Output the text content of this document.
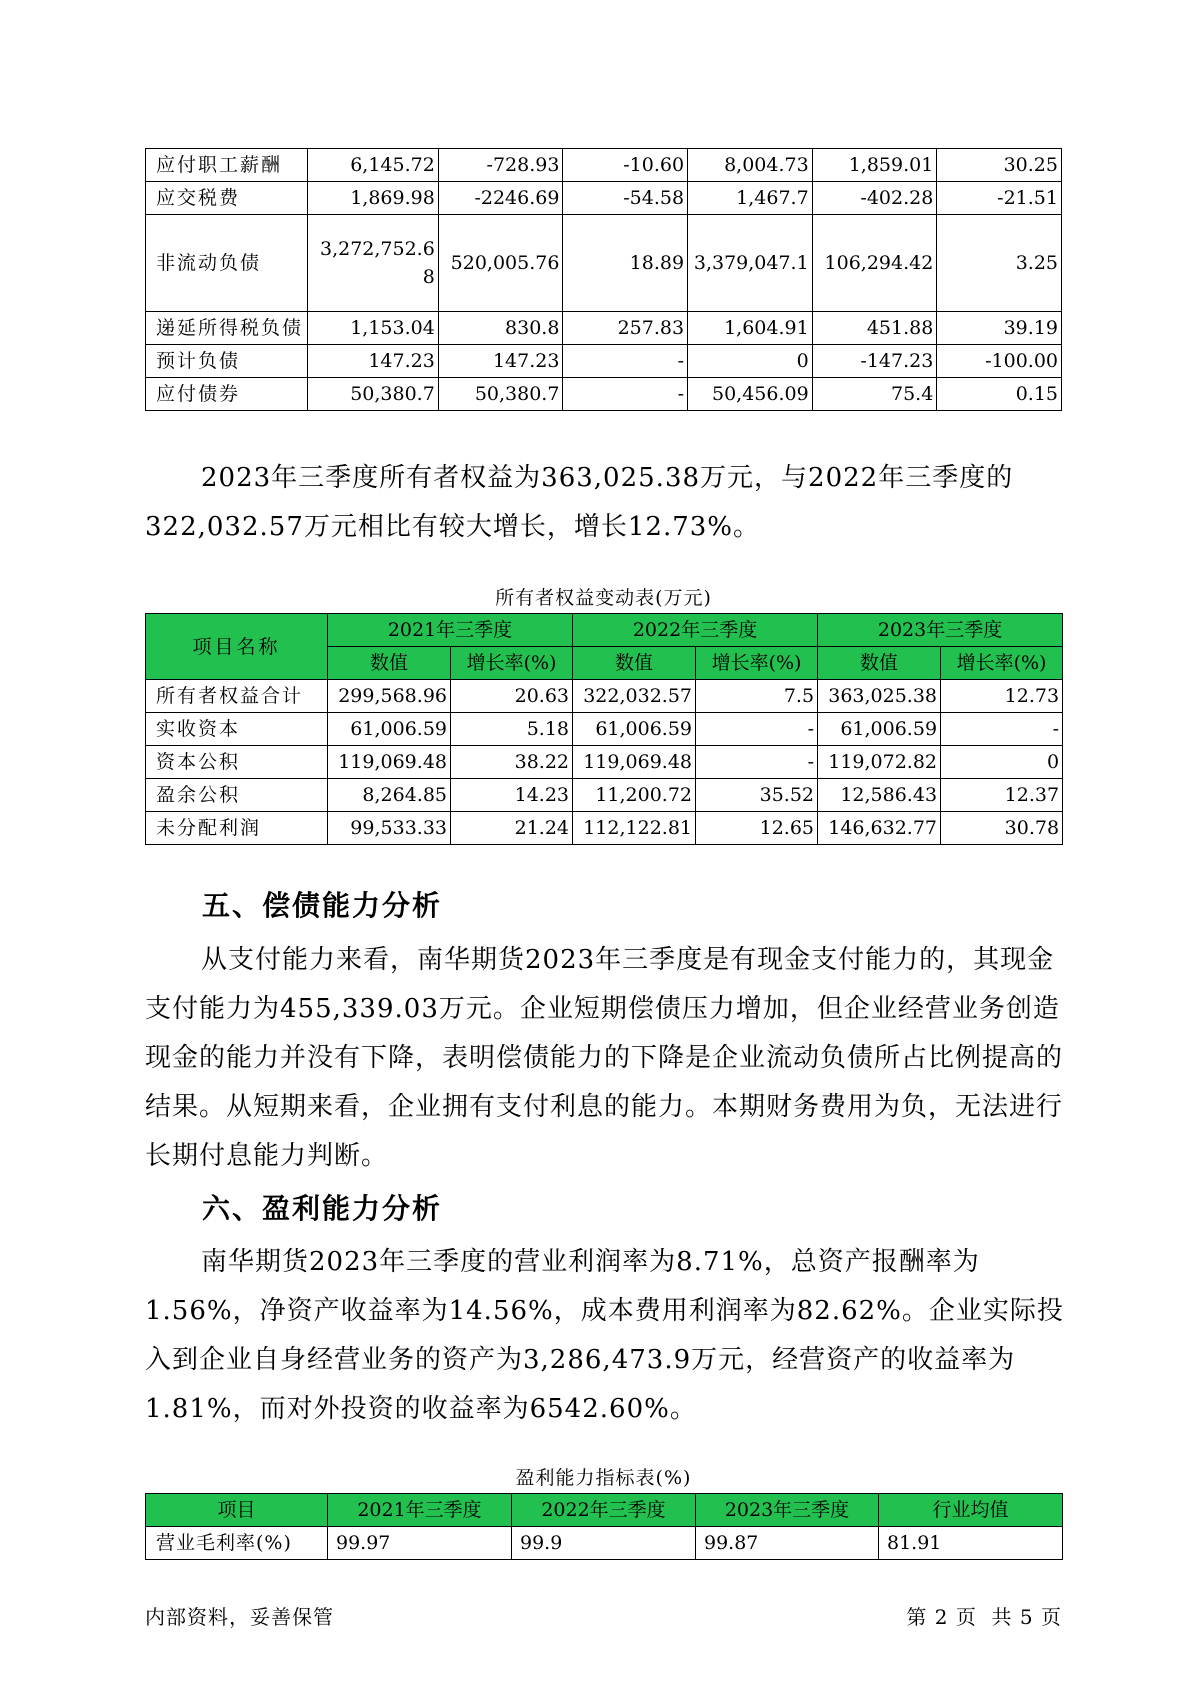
应付职工薪酬	6,145.72	-728.93	-10.60	8,004.73	1,859.01	30.25
应交税费	1,869.98	-2246.69	-54.58	1,467.7	-402.28	-21.51
非流动负债	3,272,752.68	520,005.76	18.89	3,379,047.1	106,294.42	3.25
递延所得税负债	1,153.04	830.8	257.83	1,604.91	451.88	39.19
预计负债	147.23	147.23	-	0	-147.23	-100.00
应付债券	50,380.7	50,380.7	-	50,456.09	75.4	0.15

2023年三季度所有者权益为363,025.38万元，与2022年三季度的322,032.57万元相比有较大增长，增长12.73%。

所有者权益变动表(万元)
项目名称	2021年三季度		2022年三季度		2023年三季度	
	数值	增长率(%)	数值	增长率(%)	数值	增长率(%)
所有者权益合计	299,568.96	20.63	322,032.57	7.5	363,025.38	12.73
实收资本	61,006.59	5.18	61,006.59	-	61,006.59	-
资本公积	119,069.48	38.22	119,069.48	-	119,072.82	0
盈余公积	8,264.85	14.23	11,200.72	35.52	12,586.43	12.37
未分配利润	99,533.33	21.24	112,122.81	12.65	146,632.77	30.78
五、偿债能力分析

从支付能力来看，南华期货2023年三季度是有现金支付能力的，其现金支付能力为455,339.03万元。企业短期偿债压力增加，但企业经营业务创造现金的能力并没有下降，表明偿债能力的下降是企业流动负债所占比例提高的结果。从短期来看，企业拥有支付利息的能力。本期财务费用为负，无法进行长期付息能力判断。

六、盈利能力分析

南华期货2023年三季度的营业利润率为8.71%，总资产报酬率为1.56%，净资产收益率为14.56%，成本费用利润率为82.62%。企业实际投入到企业自身经营业务的资产为3,286,473.9万元，经营资产的收益率为1.81%，而对外投资的收益率为6542.60%。

盈利能力指标表(%)
项目	2021年三季度	2022年三季度	2023年三季度	行业均值
营业毛利率(%)	99.97	99.9	99.87	81.91
内部资料，妥善保管	第 2 页  共 5 页
